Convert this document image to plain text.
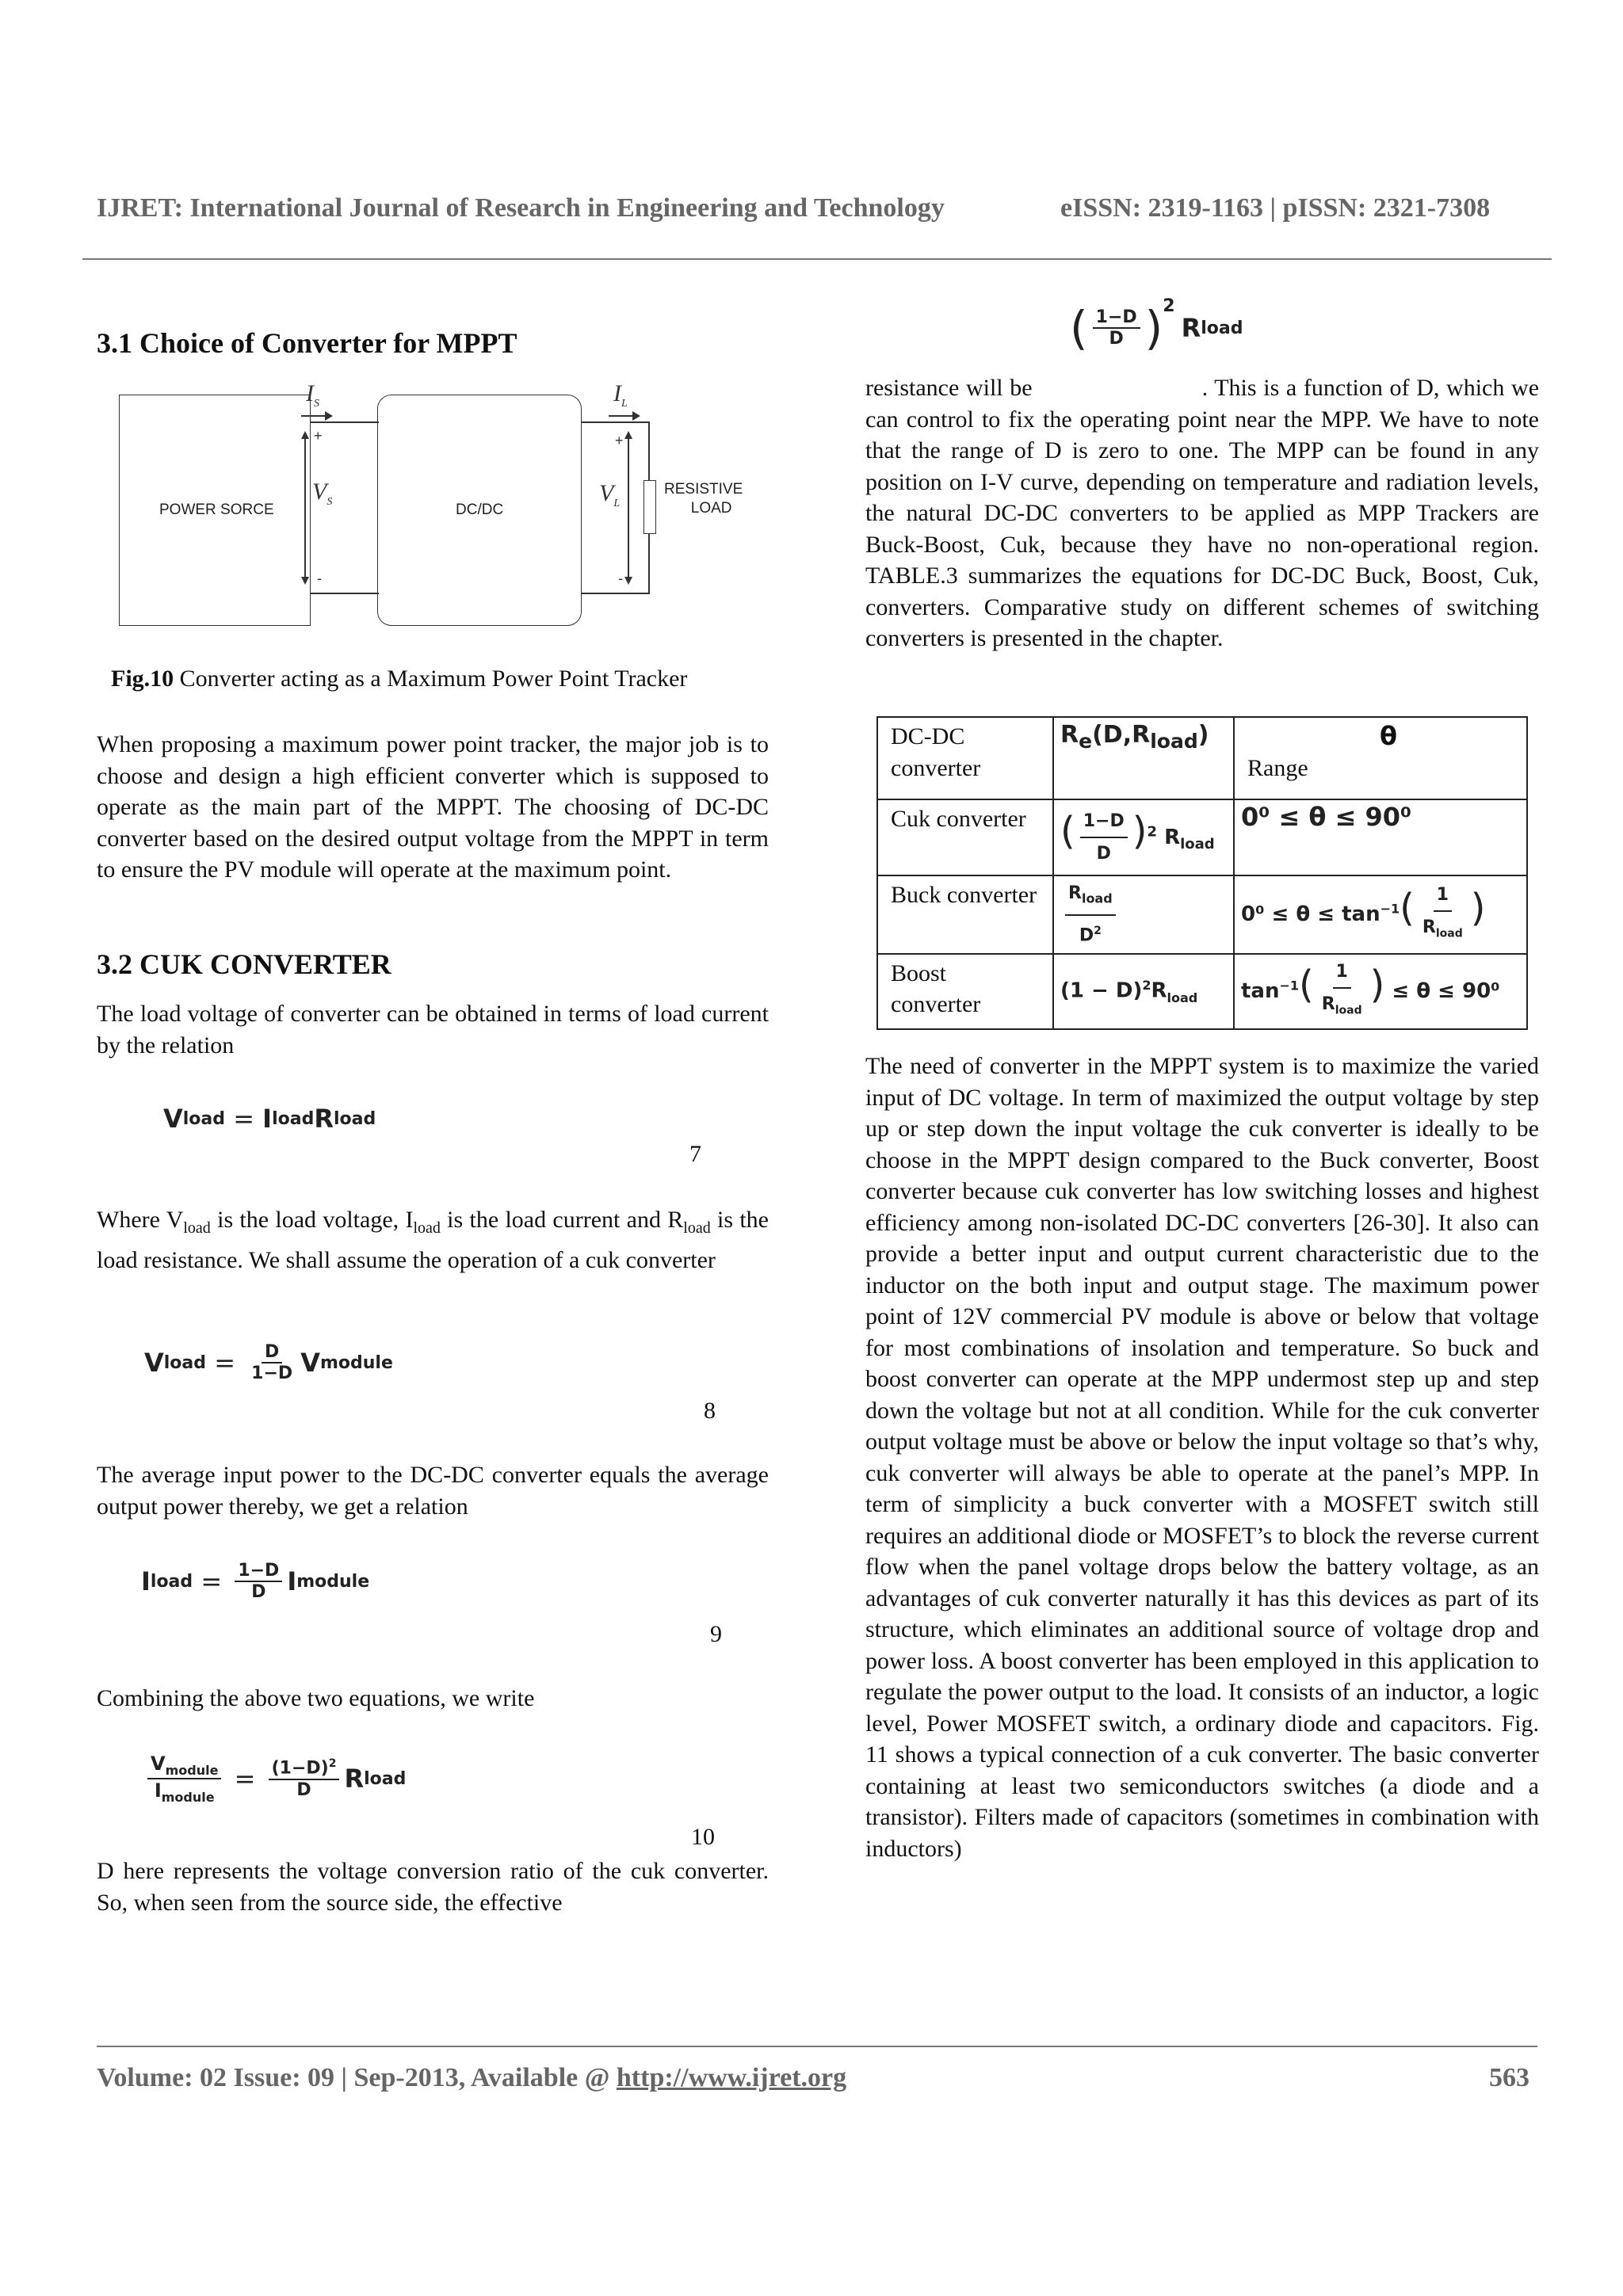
IJRET: International Journal of Research in Engineering and Technology	eISSN: 2319-1163 | pISSN: 2321-7308
3.1 Choice of Converter for MPPT
POWER SORCE	DC/DC
RESISTIVE
LOAD
$I_S$	$I_L$
+
-
$V_S$
+
-
$V_L$
Fig.10 Converter acting as a Maximum Power Point Tracker
When proposing a maximum power point tracker, the major job is to choose and design a high efficient converter which is supposed to operate as the main part of the MPPT. The choosing of DC-DC converter based on the desired output voltage from the MPPT in term to ensure the PV module will operate at the maximum point.
3.2 CUK CONVERTER
The load voltage of converter can be obtained in terms of load current by the relation
V load = I load R load
7
Where $V_{load}$ is the load voltage, $I_{load}$ is the load current and $R_{load}$ is the load resistance. We shall assume the operation of a cuk converter
V load = $\frac{D}{1-D}$ V module
8
The average input power to the DC-DC converter equals the average output power thereby, we get a relation
I load = $\frac{1-D}{D}$ I module
9
Combining the above two equations, we write
$\frac{V_{module}}{I_{module}} = \frac{(1-D)^2}{D}$ R load
10
D here represents the voltage conversion ratio of the cuk converter. So, when seen from the source side, the effective
( $\frac{1-D}{D} )^2$
R load
resistance will be	. This is a function of D, which we can control to fix the operating point near the MPP. We have to note that the range of D is zero to one. The MPP can be found in any position on I-V curve, depending on temperature and radiation levels, the natural DC-DC converters to be applied as MPP Trackers are Buck-Boost, Cuk, because they have no non-operational region. TABLE.3 summarizes the equations for DC-DC Buck, Boost, Cuk, converters. Comparative study on different schemes of switching converters is presented in the chapter.
DC-DC converter	$R_e(D,R_{load})$	θ
Range

Cuk converter	( $\frac{1-D}{D} )^2$ $R_{load}$	0⁰ ≤ θ ≤ 90⁰
Buck converter	$\frac{R_{load}}{D^2}$	$0^0 \le \theta \le \tan^{-1}( \frac{1}{R_{load}}$ )
Boost converter	$(1 - D)^2R_{load}$	$\tan^{-1}( \frac{1}{R_{load}}$ ) ≤ θ ≤ 90⁰
The need of converter in the MPPT system is to maximize the varied input of DC voltage. In term of maximized the output voltage by step up or step down the input voltage the cuk converter is ideally to be choose in the MPPT design compared to the Buck converter, Boost converter because cuk converter has low switching losses and highest efficiency among non-isolated DC-DC converters [26-30]. It also can provide a better input and output current characteristic due to the inductor on the both input and output stage. The maximum power point of 12V commercial PV module is above or below that voltage for most combinations of insolation and temperature. So buck and boost converter can operate at the MPP undermost step up and step down the voltage but not at all condition. While for the cuk converter output voltage must be above or below the input voltage so that’s why, cuk converter will always be able to operate at the panel’s MPP. In term of simplicity a buck converter with a MOSFET switch still requires an additional diode or MOSFET’s to block the reverse current flow when the panel voltage drops below the battery voltage, as an advantages of cuk converter naturally it has this devices as part of its structure, which eliminates an additional source of voltage drop and power loss. A boost converter has been employed in this application to regulate the power output to the load. It consists of an inductor, a logic level, Power MOSFET switch, a ordinary diode and capacitors. Fig. 11 shows a typical connection of a cuk converter. The basic converter containing at least two semiconductors switches (a diode and a transistor). Filters made of capacitors (sometimes in combination with inductors)
Volume: 02 Issue: 09 | Sep-2013, Available @ http://www.ijret.org	563
